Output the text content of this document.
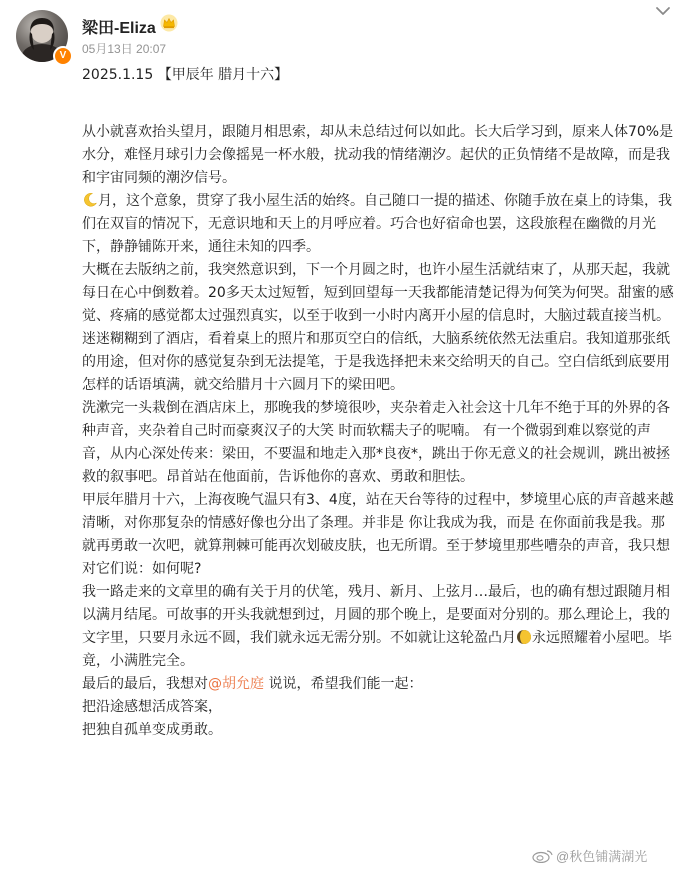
V
梁田-Eliza
05月13日 20:07

2025.1.15 【甲辰年 腊月十六】

从小就喜欢抬头望月，跟随月相思索，却从未总结过何以如此。长大后学习到，原来人体70%是水分，难怪月球引力会像摇晃一杯水般，扰动我的情绪潮汐。起伏的正负情绪不是故障，而是我和宇宙同频的潮汐信号。

月，这个意象，贯穿了我小屋生活的始终。自己随口一提的描述、你随手放在桌上的诗集，我们在双盲的情况下，无意识地和天上的月呼应着。巧合也好宿命也罢，这段旅程在幽微的月光下，静静铺陈开来，通往未知的四季。

大概在去版纳之前，我突然意识到，下一个月圆之时，也许小屋生活就结束了，从那天起，我就每日在心中倒数着。20多天太过短暂，短到回望每一天我都能清楚记得为何笑为何哭。甜蜜的感觉、疼痛的感觉都太过强烈真实，以至于收到一小时内离开小屋的信息时，大脑过载直接当机。迷迷糊糊到了酒店，看着桌上的照片和那页空白的信纸，大脑系统依然无法重启。我知道那张纸的用途，但对你的感觉复杂到无法提笔，于是我选择把未来交给明天的自己。空白信纸到底要用怎样的话语填满，就交给腊月十六圆月下的梁田吧。

洗漱完一头栽倒在酒店床上，那晚我的梦境很吵，夹杂着走入社会这十几年不绝于耳的外界的各种声音，夹杂着自己时而豪爽汉子的大笑 时而软糯夫子的呢喃。 有一个微弱到难以察觉的声音，从内心深处传来：梁田，不要温和地走入那*良夜*，跳出于你无意义的社会规训，跳出被拯救的叙事吧。昂首站在他面前，告诉他你的喜欢、勇敢和胆怯。

甲辰年腊月十六，上海夜晚气温只有3、4度，站在天台等待的过程中，梦境里心底的声音越来越清晰，对你那复杂的情感好像也分出了条理。并非是 你让我成为我，而是 在你面前我是我。那就再勇敢一次吧，就算荆棘可能再次划破皮肤，也无所谓。至于梦境里那些嘈杂的声音，我只想对它们说：如何呢?

我一路走来的文章里的确有关于月的伏笔，残月、新月、上弦月…最后，也的确有想过跟随月相 以满月结尾。可故事的开头我就想到过，月圆的那个晚上，是要面对分别的。那么理论上，我的文字里，只要月永远不圆，我们就永远无需分别。不如就让这轮盈凸月 永远照耀着小屋吧。毕竟，小满胜完全。

最后的最后，我想对@胡允庭 说说，希望我们能一起：

把沿途感想活成答案，

把独自孤单变成勇敢。

@秋色铺满湖光
